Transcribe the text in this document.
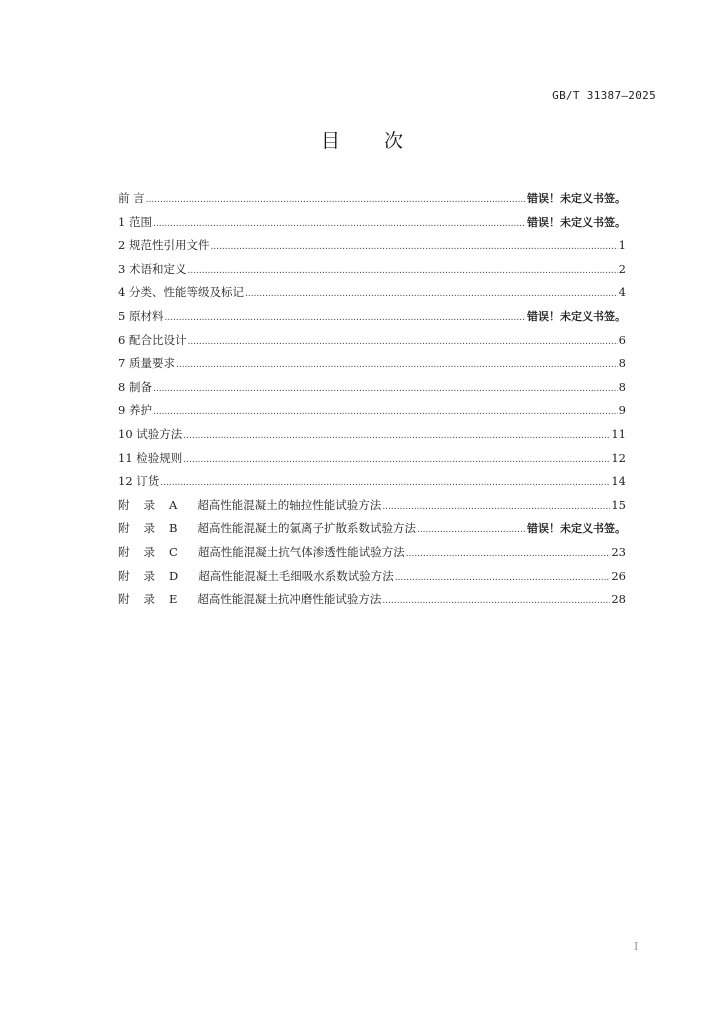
GB/T 31387—2025
目 次
前 言 .....	错误！未定义书签。
1 范围 .....	错误！未定义书签。
2 规范性引用文件 .....	1
3 术语和定义 .....	2
4 分类、性能等级及标记 .....	4
5 原材料 .....	错误！未定义书签。
6 配合比设计 .....	6
7 质量要求 .....	8
8 制备 .....	8
9 养护 .....	9
10 试验方法 .....	11
11 检验规则 .....	12
12 订货 .....	14
附 录 A 超高性能混凝土的轴拉性能试验方法 .....	15
附 录 B 超高性能混凝土的氯离子扩散系数试验方法 .....	错误！未定义书签。
附 录 C 超高性能混凝土抗气体渗透性能试验方法 .....	23
附 录 D 超高性能混凝土毛细吸水系数试验方法 .....	26
附 录 E 超高性能混凝土抗冲磨性能试验方法 .....	28
I
